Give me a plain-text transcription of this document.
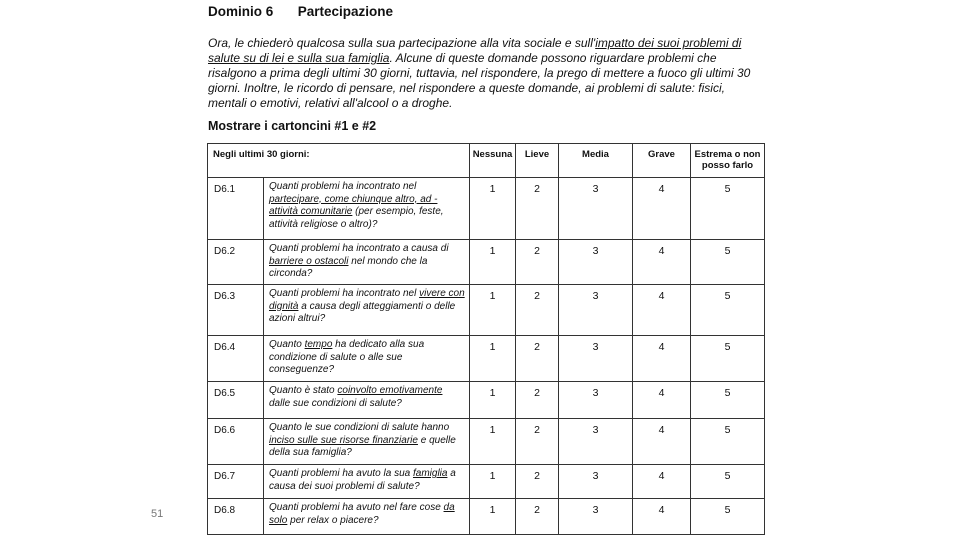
Dominio 6 Partecipazione
Ora, le chiederò qualcosa sulla sua partecipazione alla vita sociale e sull'impatto dei suoi problemi di salute su di lei e sulla sua famiglia. Alcune di queste domande possono riguardare problemi che risalgono a prima degli ultimi 30 giorni, tuttavia, nel rispondere, la prego di mettere a fuoco gli ultimi 30 giorni. Inoltre, le ricordo di pensare, nel rispondere a queste domande, ai problemi di salute: fisici, mentali o emotivi, relativi all'alcool o a droghe.
Mostrare i cartoncini #1 e #2
Negli ultimi 30 giorni:		Nessuna	Lieve	Media	Grave	Estrema o non posso farlo
D6.1	Quanti problemi ha incontrato nel partecipare, come chiunque altro, ad - attività comunitarie (per esempio, feste, attività religiose o altro)?	1	2	3	4	5
D6.2	Quanti problemi ha incontrato a causa di barriere o ostacoli nel mondo che la circonda?	1	2	3	4	5
D6.3	Quanti problemi ha incontrato nel vivere con dignità a causa degli atteggiamenti o delle azioni altrui?	1	2	3	4	5
D6.4	Quanto tempo ha dedicato alla sua condizione di salute o alle sue conseguenze?	1	2	3	4	5
D6.5	Quanto è stato coinvolto emotivamente dalle sue condizioni di salute?	1	2	3	4	5
D6.6	Quanto le sue condizioni di salute hanno inciso sulle sue risorse finanziarie e quelle della sua famiglia?	1	2	3	4	5
D6.7	Quanti problemi ha avuto la sua famiglia a causa dei suoi problemi di salute?	1	2	3	4	5
D6.8	Quanti problemi ha avuto nel fare cose da solo per relax o piacere?	1	2	3	4	5
51
